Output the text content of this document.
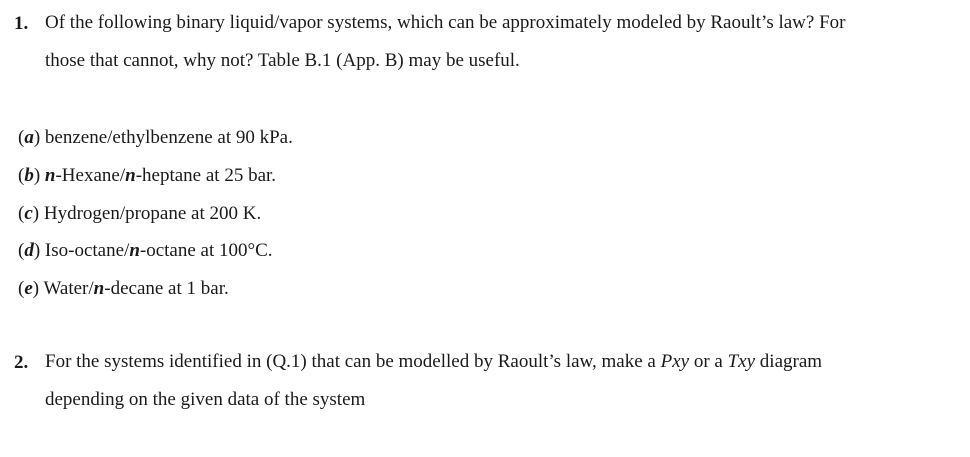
1. Of the following binary liquid/vapor systems, which can be approximately modeled by Raoult’s law? For
those that cannot, why not? Table B.1 (App. B) may be useful.
(a) benzene/ethylbenzene at 90 kPa.
(b) n-Hexane/n-heptane at 25 bar.
(c) Hydrogen/propane at 200 K.
(d) Iso-octane/n-octane at 100°C.
(e) Water/n-decane at 1 bar.
2. For the systems identified in (Q.1) that can be modelled by Raoult’s law, make a Pxy or a Txy diagram
depending on the given data of the system
